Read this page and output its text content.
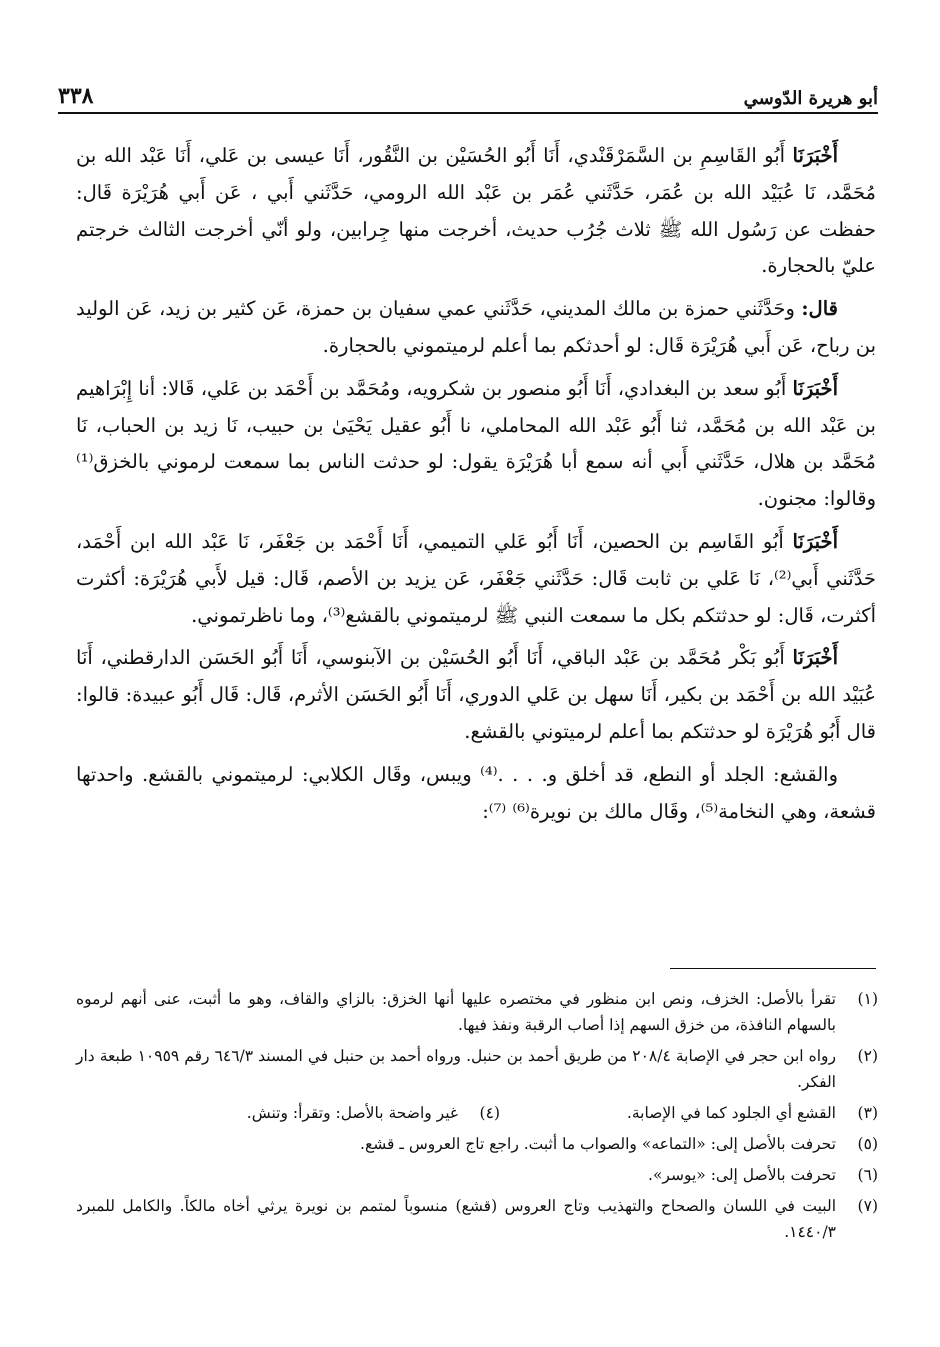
٣٣٨	أبو هريرة الدّوسي

أَخْبَرَنَا أَبُو القَاسِمِ بن السَّمَرْقَنْدي، أَنَا أَبُو الحُسَيْن بن النَّقُور، أَنَا عيسى بن عَلي، أَنَا عَبْد الله بن مُحَمَّد، نَا عُبَيْد الله بن عُمَر، حَدَّثَني عُمَر بن عَبْد الله الرومي، حَدَّثَني أَبي ، عَن أَبي هُرَيْرَة قَال: حفظت عن رَسُول الله ﷺ ثلاث جُرُب حديث، أخرجت منها جِرابين، ولو أنّي أخرجت الثالث خرجتم عليّ بالحجارة.

قال: وحَدَّثَني حمزة بن مالك المديني، حَدَّثَني عمي سفيان بن حمزة، عَن كثير بن زيد، عَن الوليد بن رباح، عَن أَبي هُرَيْرَة قَال: لو أحدثكم بما أعلم لرميتموني بالحجارة.

أَخْبَرَنَا أَبُو سعد بن البغدادي، أَنَا أَبُو منصور بن شكرويه، ومُحَمَّد بن أَحْمَد بن عَلي، قَالا: أنا إِبْرَاهيم بن عَبْد الله بن مُحَمَّد، ثنا أَبُو عَبْد الله المحاملي، نا أَبُو عقيل يَحْيَىٰ بن حبيب، نَا زيد بن الحباب، نَا مُحَمَّد بن هلال، حَدَّثَني أَبي أنه سمع أبا هُرَيْرَة يقول: لو حدثت الناس بما سمعت لرموني بالخزق⁽¹⁾ وقالوا: مجنون.

أَخْبَرَنَا أَبُو القَاسِم بن الحصين، أَنَا أَبُو عَلي التميمي، أَنَا أَحْمَد بن جَعْفَر، نَا عَبْد الله ابن أَحْمَد، حَدَّثَني أَبي⁽²⁾، نَا عَلي بن ثابت قَال: حَدَّثَني جَعْفَر، عَن يزيد بن الأصم، قَال: قيل لأَبي هُرَيْرَة: أكثرت أكثرت، قَال: لو حدثتكم بكل ما سمعت النبي ﷺ لرميتموني بالقشع⁽³⁾، وما ناظرتموني.

أَخْبَرَنَا أَبُو بَكْر مُحَمَّد بن عَبْد الباقي، أَنَا أَبُو الحُسَيْن بن الآبنوسي، أَنَا أَبُو الحَسَن الدارقطني، أَنَا عُبَيْد الله بن أَحْمَد بن بكير، أَنَا سهل بن عَلي الدوري، أَنَا أَبُو الحَسَن الأثرم، قَال: قَال أَبُو عبيدة: قالوا: قال أَبُو هُرَيْرَة لو حدثتكم بما أعلم لرميتوني بالقشع.

والقشع: الجلد أو النطع، قد أخلق و. . . .⁽⁴⁾ ويبس، وقَال الكلابي: لرميتموني بالقشع. واحدتها قشعة، وهي النخامة⁽⁵⁾، وقَال مالك بن نويرة⁽⁶⁾ ⁽⁷⁾:

(١)
تقرأ بالأصل: الخزف، ونص ابن منظور في مختصره عليها أنها الخزق: بالزاي والقاف، وهو ما أثبت، عنى أنهم لرموه بالسهام النافذة، من خزق السهم إذا أصاب الرقبة ونفذ فيها.
(٢)
رواه ابن حجر في الإصابة ٢٠٨/٤ من طريق أحمد بن حنبل. ورواه أحمد بن حنبل في المسند ٦٤٦/٣ رقم ١٠٩٥٩ طبعة دار الفكر.
(٣)
القشع أي الجلود كما في الإصابة.
(٤)
غير واضحة بالأصل: وتقرأ: وتنش.
(٥)
تحرفت بالأصل إلى: «التماعه» والصواب ما أثبت. راجع تاج العروس ـ قشع.
(٦)
تحرفت بالأصل إلى: «يوسر».
(٧)
البيت في اللسان والصحاح والتهذيب وتاج العروس (قشع) منسوباً لمتمم بن نويرة يرثي أخاه مالكاً. والكامل للمبرد ١٤٤٠/٣.
